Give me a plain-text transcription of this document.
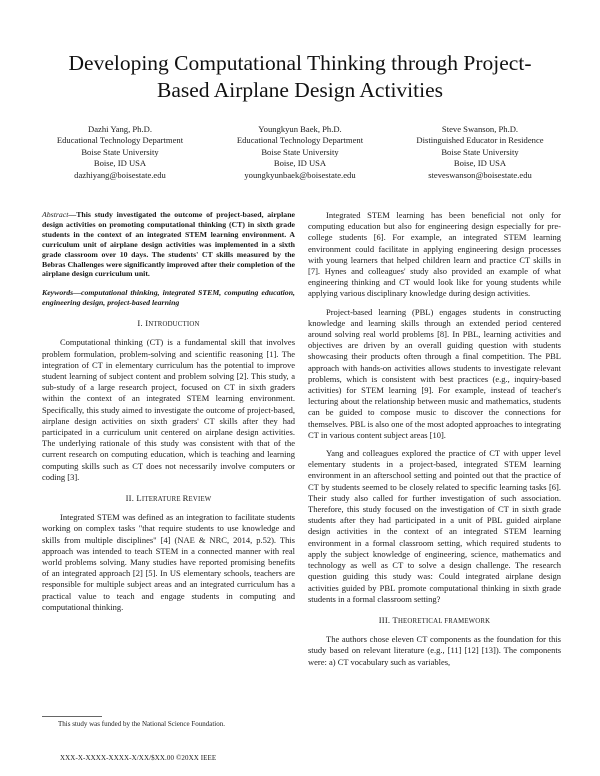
Developing Computational Thinking through Project-
Based Airplane Design Activities
Dazhi Yang, Ph.D.
Educational Technology Department
Boise State University
Boise, ID USA
dazhiyang@boisestate.edu
Youngkyun Baek, Ph.D.
Educational Technology Department
Boise State University
Boise, ID USA
youngkyunbaek@boisestate.edu
Steve Swanson, Ph.D.
Distinguished Educator in Residence
Boise State University
Boise, ID USA
steveswanson@boisestate.edu
Abstract—This study investigated the outcome of project-based, airplane design activities on promoting computational thinking (CT) in sixth grade students in the context of an integrated STEM learning environment. A curriculum unit of airplane design activities was implemented in a sixth grade classroom over 10 days. The students' CT skills measured by the Bebras Challenges were significantly improved after their completion of the airplane design curriculum unit.
Keywords—computational thinking, integrated STEM, computing education, engineering design, project-based learning
I. INTRODUCTION

Computational thinking (CT) is a fundamental skill that involves problem formulation, problem-solving and scientific reasoning [1]. The integration of CT in elementary curriculum has the potential to improve student learning of subject content and problem solving [2]. This study, a sub-study of a large research project, focused on CT in sixth graders within the context of an integrated STEM learning environment. Specifically, this study aimed to investigate the outcome of project-based, airplane design activities on sixth graders' CT skills after they had participated in a curriculum unit centered on airplane design activities. The underlying rationale of this study was consistent with that of the current research on computing education, which is teaching and learning computing skills such as CT does not necessarily involve computers or coding [3].

II. LITERATURE REVIEW

Integrated STEM was defined as an integration to facilitate students working on complex tasks "that require students to use knowledge and skills from multiple disciplines" [4] (NAE & NRC, 2014, p.52). This approach was intended to teach STEM in a connected manner with real world problems solving. Many studies have reported promising benefits of an integrated approach [2] [5]. In US elementary schools, teachers are responsible for multiple subject areas and an integrated curriculum has a practical value to teach and engage students in computing and computational thinking.

Integrated STEM learning has been beneficial not only for computing education but also for engineering design especially for pre-college students [6]. For example, an integrated STEM learning environment could facilitate in applying engineering design processes with young learners that helped children learn and practice CT skills in [7]. Hynes and colleagues' study also provided an example of what engineering thinking and CT would look like for young students while applying various disciplinary knowledge during design activities.

Project-based learning (PBL) engages students in constructing knowledge and learning skills through an extended period centered around solving real world problems [8]. In PBL, learning activities and objectives are driven by an overall guiding question with students showcasing their products often through a final competition. The PBL approach with hands-on activities allows students to investigate relevant problems, which is consistent with best practices (e.g., inquiry-based activities) for STEM learning [9]. For example, instead of teacher's lecturing about the relationship between music and mathematics, students can be guided to compose music to discover the connections for themselves. PBL is also one of the most adopted approaches to integrating CT in various content subject areas [10].

Yang and colleagues explored the practice of CT with upper level elementary students in a project-based, integrated STEM learning environment in an afterschool setting and pointed out that the practice of CT by students seemed to be closely related to specific learning tasks [6]. Their study also called for further investigation of such association. Therefore, this study focused on the investigation of CT in sixth grade students after they had participated in a unit of PBL guided airplane design activities in the context of an integrated STEM learning environment in a formal classroom setting, which required students to apply the subject knowledge of engineering, science, mathematics and technology as well as CT to solve a design challenge. The research question guiding this study was: Could integrated airplane design activities guided by PBL promote computational thinking in sixth grade students in a formal classroom setting?

III. THEORETICAL FRAMEWORK

The authors chose eleven CT components as the foundation for this study based on relevant literature (e.g., [11] [12] [13]). The components were: a) CT vocabulary such as variables,

This study was funded by the National Science Foundation.
XXX-X-XXXX-XXXX-X/XX/$XX.00 ©20XX IEEE
